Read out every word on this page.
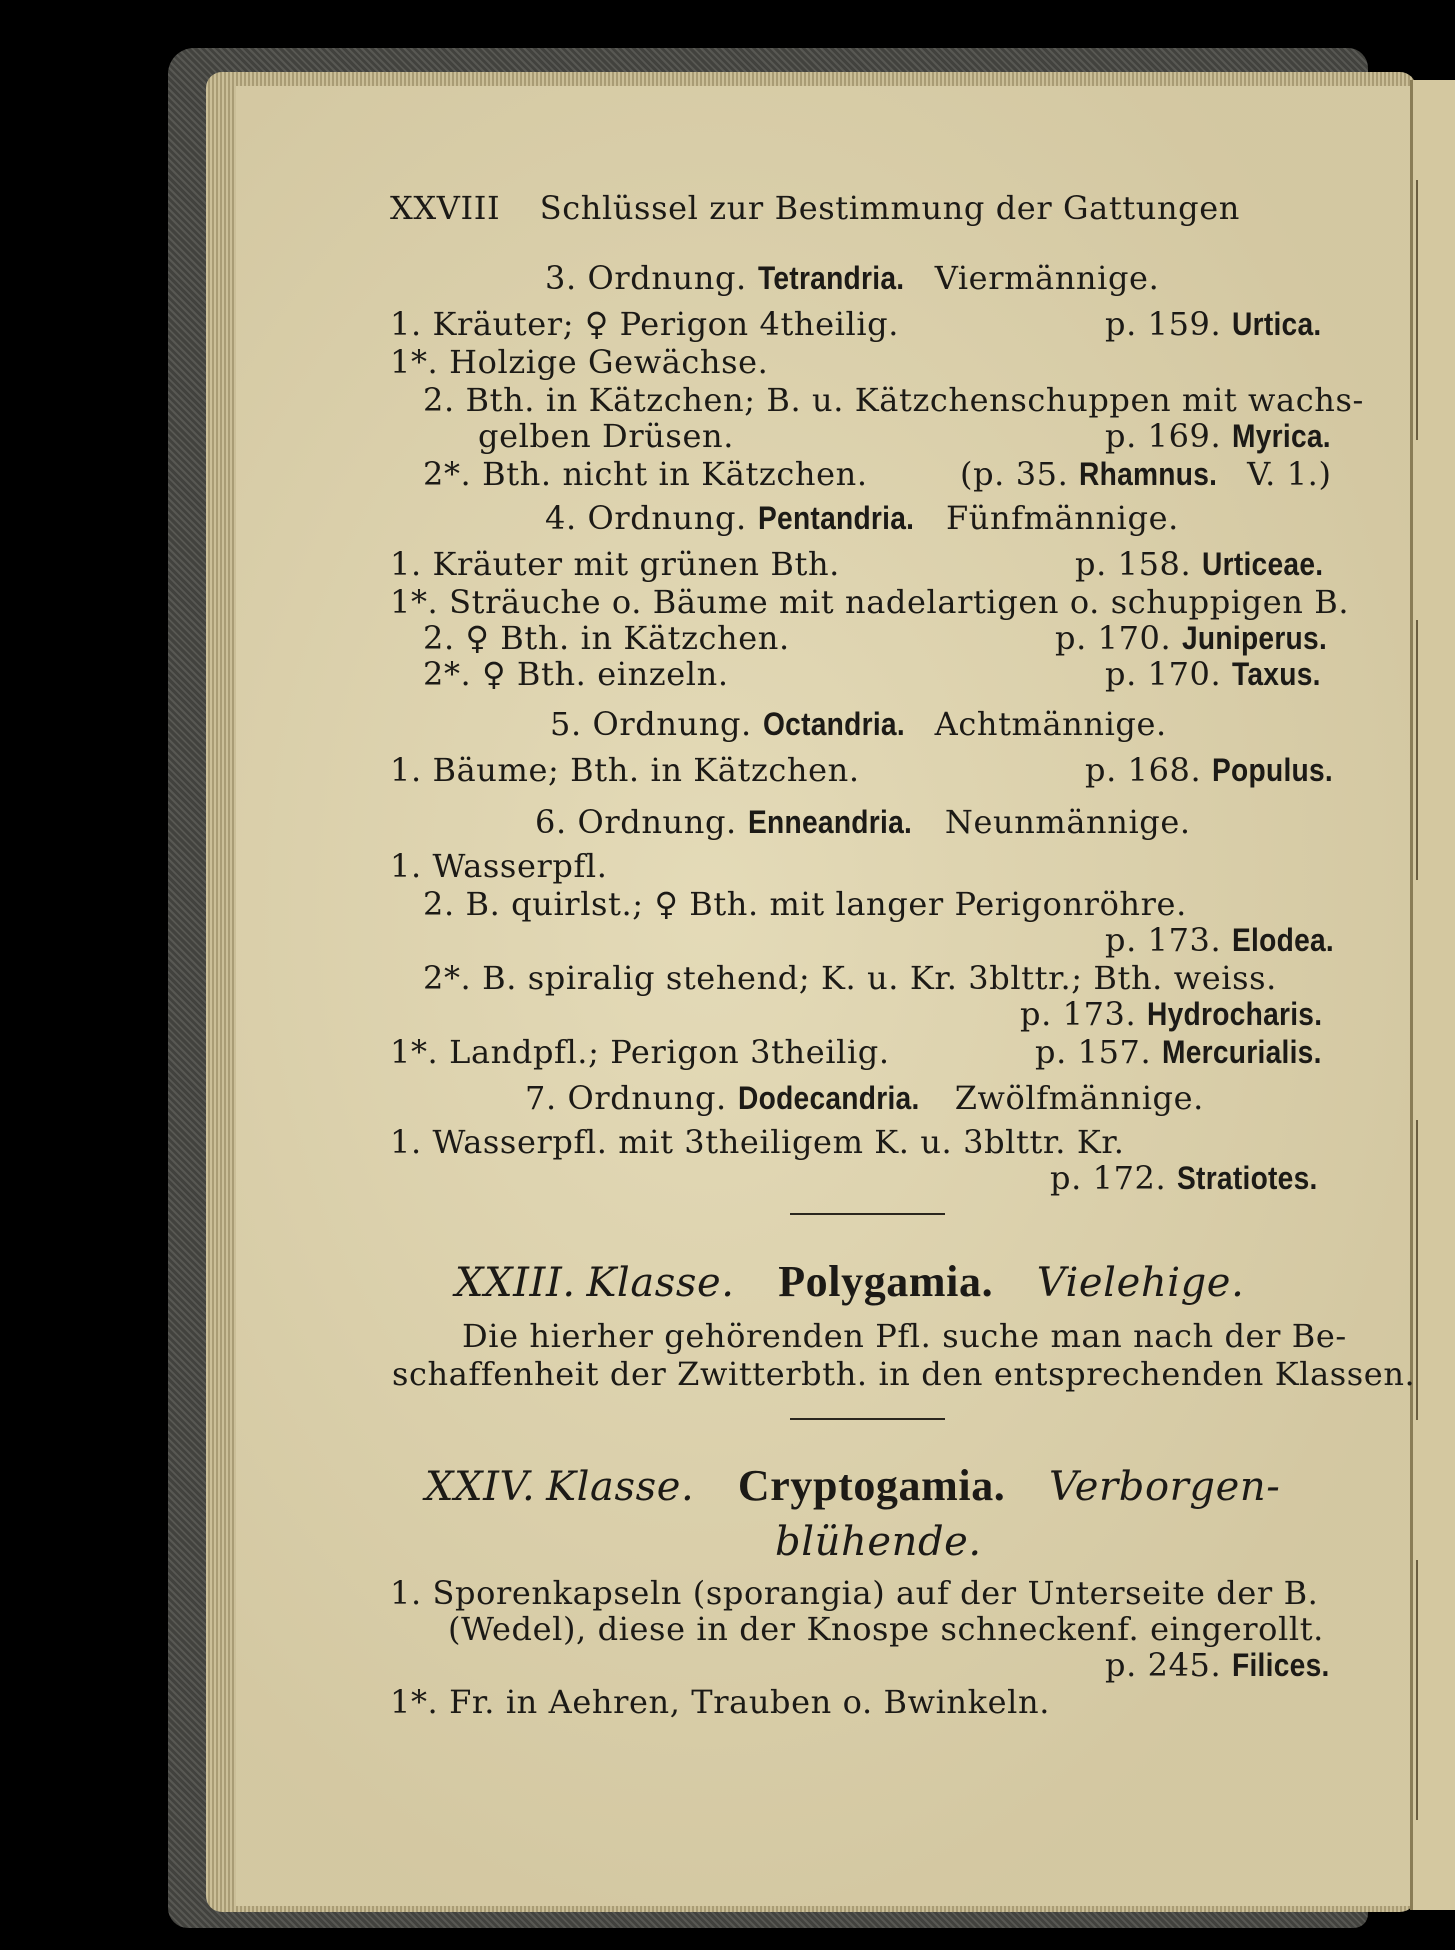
XXVIII Schlüssel zur Bestimmung der Gattungen
3. Ordnung. Tetrandria. Viermännige.
1. Kräuter; ♀ Perigon 4theilig.	p. 159. Urtica.
1*. Holzige Gewächse.
2. Bth. in Kätzchen; B. u. Kätzchenschuppen mit wachs-
gelben Drüsen.	p. 169. Myrica.
2*. Bth. nicht in Kätzchen.	(p. 35. Rhamnus. V. 1.)
4. Ordnung. Pentandria. Fünfmännige.
1. Kräuter mit grünen Bth.	p. 158. Urticeae.
1*. Sträuche o. Bäume mit nadelartigen o. schuppigen B.
2. ♀ Bth. in Kätzchen.	p. 170. Juniperus.
2*. ♀ Bth. einzeln.	p. 170. Taxus.
5. Ordnung. Octandria. Achtmännige.
1. Bäume; Bth. in Kätzchen.	p. 168. Populus.
6. Ordnung. Enneandria. Neunmännige.
1. Wasserpfl.
2. B. quirlst.; ♀ Bth. mit langer Perigonröhre.
p. 173. Elodea.
2*. B. spiralig stehend; K. u. Kr. 3blttr.; Bth. weiss.
p. 173. Hydrocharis.
1*. Landpfl.; Perigon 3theilig.	p. 157. Mercurialis.
7. Ordnung. Dodecandria. Zwölfmännige.
1. Wasserpfl. mit 3theiligem K. u. 3blttr. Kr.
p. 172. Stratiotes.
XXIII. Klasse. Polygamia. Vielehige.
Die hierher gehörenden Pfl. suche man nach der Be-
schaffenheit der Zwitterbth. in den entsprechenden Klassen.
XXIV. Klasse. Cryptogamia. Verborgen-
blühende.
1. Sporenkapseln (sporangia) auf der Unterseite der B.
(Wedel), diese in der Knospe schneckenf. eingerollt.
p. 245. Filices.
1*. Fr. in Aehren, Trauben o. Bwinkeln.
